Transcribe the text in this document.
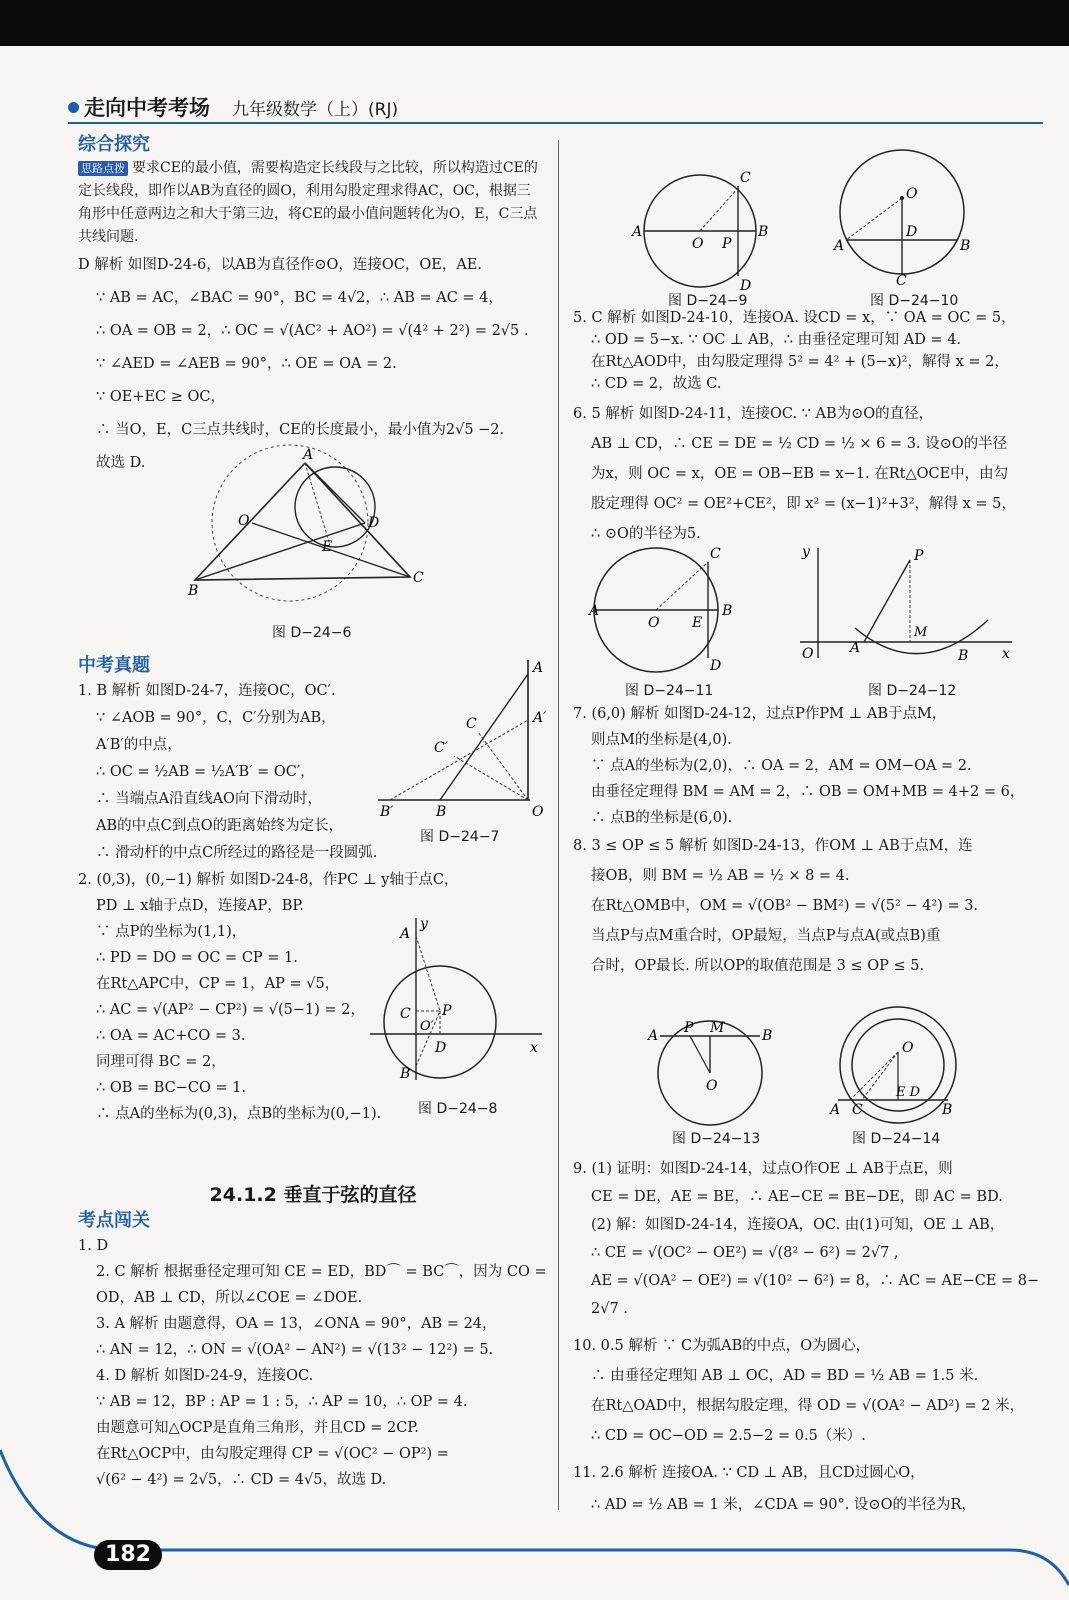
走向中考考场 九年级数学（上）(RJ)

综合探究

思路点拨 要求CE的最小值，需要构造定长线段与之比较，所以构造过CE的定长线段，即作以AB为直径的圆O，利用勾股定理求得AC，OC，根据三角形中任意两边之和大于第三边，将CE的最小值问题转化为O，E，C三点共线问题.

D 解析 如图D-24-6，以AB为直径作⊙O，连接OC，OE，AE.

∵ AB = AC，∠BAC = 90°，BC = 4√2，∴ AB = AC = 4，

∴ OA = OB = 2，∴ OC = √(AC² + AO²) = √(4² + 2²) = 2√5 .

∵ ∠AED = ∠AEB = 90°，∴ OE = OA = 2.

∵ OE+EC ≥ OC，

∴ 当O，E，C三点共线时，CE的长度最小，最小值为2√5 −2.

故选 D.	A
O	D
E
B
C
图 D−24−6

中考真题

1. B 解析 如图D-24-7，连接OC，OC′.

∵ ∠AOB = 90°，C，C′分别为AB，

A′B′的中点，

∴ OC = ½AB = ½A′B′ = OC′，

∴ 当端点A沿直线AO向下滑动时，

AB的中点C到点O的距离始终为定长，

∴ 滑动杆的中点C所经过的路径是一段圆弧.

2. (0,3)，(0,−1) 解析 如图D-24-8，作PC ⊥ y轴于点C，

PD ⊥ x轴于点D，连接AP，BP.

∵ 点P的坐标为(1,1)，

∴ PD = DO = OC = CP = 1.

在Rt△APC中，CP = 1，AP = √5，

∴ AC = √(AP² − CP²) = √(5−1) = 2，

∴ OA = AC+CO = 3.

同理可得 BC = 2，

∴ OB = BC−CO = 1.

∴ 点A的坐标为(0,3)，点B的坐标为(0,−1).

A
A′
C
C′
B′	B	O
图 D−24−7
y
A
C P
O′
D
B
x
图 D−24−8

24.1.2 垂直于弦的直径

考点闯关

1. D

2. C 解析 根据垂径定理可知 CE = ED，BD⌒ = BC⌒，因为 CO =

OD，AB ⊥ CD，所以∠COE = ∠DOE.

3. A 解析 由题意得，OA = 13，∠ONA = 90°，AB = 24，

∴ AN = 12，∴ ON = √(OA² − AN²) = √(13² − 12²) = 5.

4. D 解析 如图D-24-9，连接OC.

∵ AB = 12，BP : AP = 1 : 5，∴ AP = 10，∴ OP = 4.

由题意可知△OCP是直角三角形，并且CD = 2CP.

在Rt△OCP中，由勾股定理得 CP = √(OC² − OP²) =

√(6² − 4²) = 2√5，∴ CD = 4√5，故选 D.

A	B
O P
C
D
图 D−24−9
O
D
A	B
C
图 D−24−10

5. C 解析 如图D-24-10，连接OA. 设CD = x，∵ OA = OC = 5，

∴ OD = 5−x. ∵ OC ⊥ AB，∴ 由垂径定理可知 AD = 4.

在Rt△AOD中，由勾股定理得 5² = 4² + (5−x)²，解得 x = 2，

∴ CD = 2，故选 C.

6. 5 解析 如图D-24-11，连接OC. ∵ AB为⊙O的直径，

AB ⊥ CD，∴ CE = DE = ½ CD = ½ × 6 = 3. 设⊙O的半径

为x，则 OC = x，OE = OB−EB = x−1. 在Rt△OCE中，由勾

股定理得 OC² = OE²+CE²，即 x² = (x−1)²+3²，解得 x = 5，

∴ ⊙O的半径为5.

A	B
O E
C
D
图 D−24−11
y	P
M
A	B
O	x
图 D−24−12

7. (6,0) 解析 如图D-24-12，过点P作PM ⊥ AB于点M，

则点M的坐标是(4,0).

∵ 点A的坐标为(2,0)，∴ OA = 2，AM = OM−OA = 2.

由垂径定理得 BM = AM = 2，∴ OB = OM+MB = 4+2 = 6，

∴ 点B的坐标是(6,0).

8. 3 ≤ OP ≤ 5 解析 如图D-24-13，作OM ⊥ AB于点M，连

接OB，则 BM = ½ AB = ½ × 8 = 4.

在Rt△OMB中，OM = √(OB² − BM²) = √(5² − 4²) = 3.

当点P与点M重合时，OP最短，当点P与点A(或点B)重

合时，OP最长. 所以OP的取值范围是 3 ≤ OP ≤ 5.

A	B
P M
O
图 D−24−13
O
E D
A C	B
图 D−24−14

9. (1) 证明：如图D-24-14，过点O作OE ⊥ AB于点E，则

CE = DE，AE = BE，∴ AE−CE = BE−DE，即 AC = BD.

(2) 解：如图D-24-14，连接OA，OC. 由(1)可知，OE ⊥ AB，

∴ CE = √(OC² − OE²) = √(8² − 6²) = 2√7 ,

AE = √(OA² − OE²) = √(10² − 6²) = 8，∴ AC = AE−CE = 8− 2√7 .

10. 0.5 解析 ∵ C为弧AB的中点，O为圆心，

∴ 由垂径定理知 AB ⊥ OC，AD = BD = ½ AB = 1.5 米.

在Rt△OAD中，根据勾股定理，得 OD = √(OA² − AD²) = 2 米，

∴ CD = OC−OD = 2.5−2 = 0.5（米）.

11. 2.6 解析 连接OA. ∵ CD ⊥ AB，且CD过圆心O，

∴ AD = ½ AB = 1 米，∠CDA = 90°. 设⊙O的半径为R，

182
